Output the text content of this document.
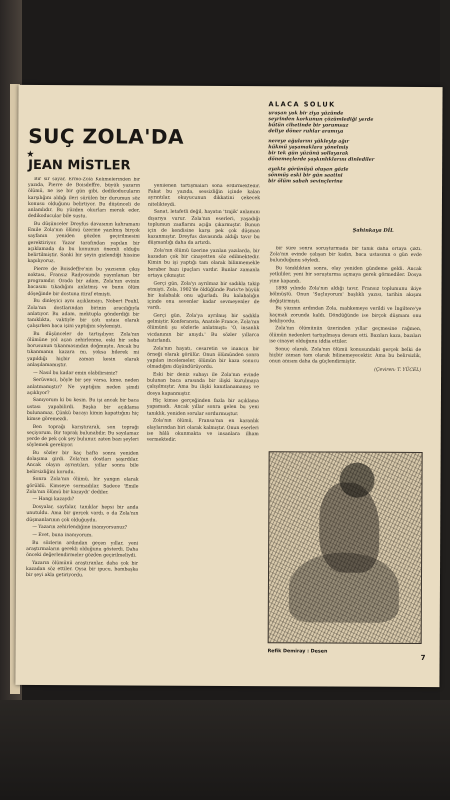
SUÇ ZOLA'DA
★
JEAN MİSTLER

Bir sır sayar, Ermo-Zola Kelimelerinden bir yazıda, Pierre de Boisdeffre, büyük yazarın ölümü, ne ise bir gün gibi, dedikoducuların karşılığını aldığı ileri sürülen bir durumun söz konusu olduğunu belirtiyor. Bu düşünceli de anlamlıdır. Bu yüzden okurları merak eder, dedikoducular bile sustu.

Bu düşünceler Dreyfus davasının kahramanı Emile Zola'nın ölümü üzerine yazılmış birçok sayfanın yeniden gözden geçirilmesini gerektiriyor. Yazar tarafından yapılan bir açıklamada da bu konunun önemli olduğu belirtilmiştir. Sanki bir şeyin gizlendiği hissine kapılıyoruz.

Pierre de Boisdeffre'nin bu yazısının çıkış noktası, Fransız Radyosunda yayınlanan bir programdır. Orada bir adam, Zola'nın evinin bacasını tıkadığını anlatmış ve bunu ölüm döşeğinde bir dostuna itiraf etmişti.

Bu dinleyici aynı açıklamayı, Nobert Pouhl, Zola'nın dostlarından birinin aracılığıyla anlatıyor. Bu adam, mektupla gönderdiği bir tanıklıkta, vaktiyle bir çatı ustası olarak çalışırken baca işini yaptığını söylemişti.

Bu düşünceler de tartışılıyor. Zola'nın ölümüne yol açan zehirlenme, eski bir soba borusunun tıkanmasından doğmuştu. Ancak bu tıkanmanın kazara mı, yoksa bilerek mi yapıldığı hiçbir zaman kesin olarak anlaşılamamıştır.

— Nasıl bu kadar emin olabilirsiniz?

Serüvenci, böyle bir şey varsa, kime, neden anlatmamıştır? Ne yaptığını neden şimdi açıklıyor?

Sanıyorum ki bu kesin. Bu işi ancak bir baca ustası yapabilirdi. Başka bir açıklama bulunamaz. Çünkü bacayı kimin kapattığını hiç kimse göremezdi.

Ben toprağı karıştırarak, son toprağı seçiyorum. Bir toprak bulunabilir. Bu sayılamaz yerde de pek çok şey bulunur, zaten bazı şeyleri söylemek gerekiyor.

Bu sözler bir kaç hafta sonra yeniden dolaşıma girdi. Zola'nın dostları şaşırdılar. Ancak olayın ayrıntıları, yıllar sonra bile belirsizliğini korudu.

Sonra Zola'nın ölümü, bir yangın olarak görüldü. Kimseye sormadılar. Sadece 'Emile Zola'nın ölümü bir kazaydı' dediler.

— Hangi kazaydı?

Dosyalar, sayfalar, tanıklar hepsi bir anda unutuldu. Ama bir gerçek vardı, o da Zola'nın düşmanlarının çok olduğuydu.

— Yazarın zehirlendiğine inanıyorsunuz?

— Evet, buna inanıyorum.

Bu sözlerin ardından geçen yıllar, yeni araştırmaların gerekli olduğunu gösterdi. Daha önceki değerlendirmeler gözden geçirilmeliydi.

Yazarın ölümünü araştıranlar, daha çok bir kazadan söz ettiler. Oysa bir ipucu, bambaşka bir şeyi akla getiriyordu.

yenilenen tartışmaları sona erdirmektedir. Fakat bu yazıda, sessizliğin içinde kalan ayrıntılar, okuyucunun dikkatini çekecek nitelikteydi.

Sanat, letafetli değil, hayatın 'trajik' anlamını dışarıya vurur. Zola'nın eserleri, yaşadığı toplumun zaaflarını açığa çıkarmıştır. Bunun için de kendisine karşı pek çok düşman kazanmıştır. Dreyfus davasında aldığı tavır bu düşmanlığı daha da artırdı.

Zola'nın ölümü üzerine yazılan yazılarda, bir kazadan çok bir cinayetten söz edilmektedir. Kimin bu işi yaptığı tam olarak bilinmemekle beraber bazı ipuçları vardır. Bunlar zamanla ortaya çıkmıştır.

Gerçi gün, Zola'yı ayrılmaz bir sadıkla takip etmişti. Zola, 1902'de öldüğünde Paris'te büyük bir kalabalık onu uğurladı. Bu kalabalığın içinde onu sevenler kadar sevmeyenler de vardı.

Gerçi gün, Zola'ya ayrılmış bir sadıkla gelmiştir. Konferansta, Anatole France, Zola'nın ölümünü şu sözlerle anlatmıştı: 'O, insanlık vicdanının bir anıydı.' Bu sözler yıllarca hatırlandı.

Zola'nın hayatı, cesaretin ve inancın bir örneği olarak görülür. Onun ölümünden sonra yapılan incelemeler, ölümün bir kaza sonucu olmadığını düşündürüyordu.

Eski bir deniz subayı ile Zola'nın evinde bulunan baca arasında bir ilişki kurulmaya çalışılmıştır. Ama bu ilişki kanıtlanamamış ve dosya kapanmıştır.

Hiç kimse gerçeğinden fazla bir açıklama yapamadı. Ancak yıllar sonra gelen bu yeni tanıklık, yeniden sorular sordurmuştur.

Zola'nın ölümü, Fransa'nın en karanlık olaylarından biri olarak kalmıştır. Onun eserleri ise hâlâ okunmakta ve insanlara ilham vermektedir.

ALACA SOLUK
uraşan yok bir ziya yüzünde
seyrinden korkunun çözümlediği yerde
bütün cihetinde bir yorumsuz
deliye döner ruhlar aramıya
nereye ağularını yükleyip ağır
hükmü yaşamaklara yönelmiş
bir tek gün yüzünü sollayarak
dönemeçlerde şaşkınlıklarını dinlediler
ayakta görünüşü oluşan gözle
sönmüş eski bir gün saatini
bir ölüm sabah sevinçlerine
Şahinkaya DİL

bir süre sonra soruşturmada bir tanık daha ortaya çıktı. Zola'nın evinde çalışan bir kadın, baca ustasının o gün evde bulunduğunu söyledi.

Bu tanıklıktan sonra, olay yeniden gündeme geldi. Ancak yetkililer, yeni bir soruşturma açmaya gerek görmediler. Dosya yine kapandı.

1898 yılında Zola'nın aldığı tavır, Fransız toplumunu ikiye bölmüştü. Onun 'Suçluyorum' başlıklı yazısı, tarihin akışını değiştirmişti.

Bu yazının ardından Zola, mahkemeye verildi ve İngiltere'ye kaçmak zorunda kaldı. Döndüğünde ise birçok düşmanı onu bekliyordu.

Zola'nın ölümünün üzerinden yıllar geçmesine rağmen, ölümün nedenleri tartışılmaya devam etti. Bazıları kaza, bazıları ise cinayet olduğunu iddia ettiler.

Sonuç olarak, Zola'nın ölümü konusundaki gerçek belki de hiçbir zaman tam olarak bilinemeyecektir. Ama bu belirsizlik, onun anısını daha da güçlendirmiştir.

(Çeviren: T. YÜCEL)
Refik Demiray : Desen
7
